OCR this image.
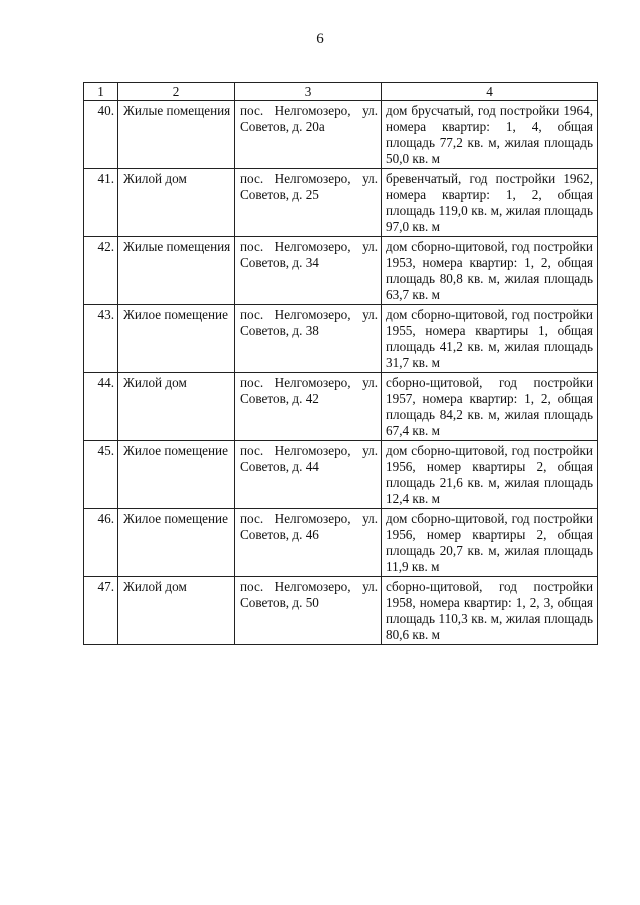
6
1	2	3	4
40.	Жилые помещения	пос. Нелгомозеро, ул. Советов, д. 20а	дом брусчатый, год постройки 1964, номера квартир: 1, 4, общая площадь 77,2 кв. м, жилая площадь 50,0 кв. м
41.	Жилой дом	пос. Нелгомозеро, ул. Советов, д. 25	бревенчатый, год постройки 1962, номера квартир: 1, 2, общая площадь 119,0 кв. м, жилая площадь 97,0 кв. м
42.	Жилые помещения	пос. Нелгомозеро, ул. Советов, д. 34	дом сборно-щитовой, год постройки 1953, номера квартир: 1, 2, общая площадь 80,8 кв. м, жилая площадь 63,7 кв. м
43.	Жилое помещение	пос. Нелгомозеро, ул. Советов, д. 38	дом сборно-щитовой, год постройки 1955, номера квартиры 1, общая площадь 41,2 кв. м, жилая площадь 31,7 кв. м
44.	Жилой дом	пос. Нелгомозеро, ул. Советов, д. 42	сборно-щитовой, год постройки 1957, номера квартир: 1, 2, общая площадь 84,2 кв. м, жилая площадь 67,4 кв. м
45.	Жилое помещение	пос. Нелгомозеро, ул. Советов, д. 44	дом сборно-щитовой, год постройки 1956, номер квартиры 2, общая площадь 21,6 кв. м, жилая площадь 12,4 кв. м
46.	Жилое помещение	пос. Нелгомозеро, ул. Советов, д. 46	дом сборно-щитовой, год постройки 1956, номер квартиры 2, общая площадь 20,7 кв. м, жилая площадь 11,9 кв. м
47.	Жилой дом	пос. Нелгомозеро, ул. Советов, д. 50	сборно-щитовой, год постройки 1958, номера квартир: 1, 2, 3, общая площадь 110,3 кв. м, жилая площадь 80,6 кв. м
